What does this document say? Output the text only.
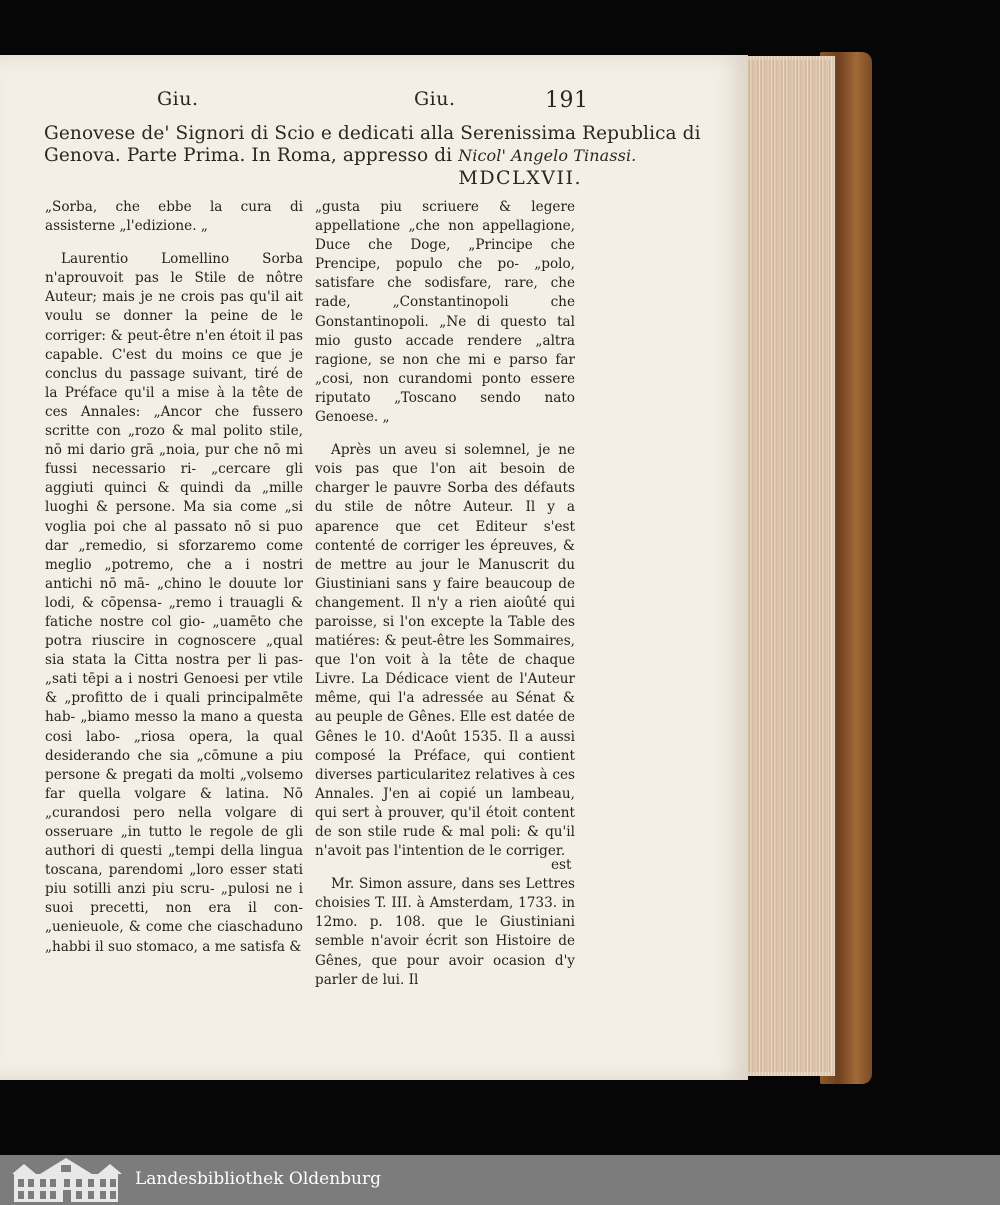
Giu.	Giu.	191
Genovese de' Signori di Scio e dedicati alla Serenissima Republica di
Genova. Parte Prima. In Roma, appresso di Nicol' Angelo Tinassi.
MDCLXVII.

„Sorba, che ebbe la cura di assisterne „l'edizione. „

Laurentio Lomellino Sorba n'aprouvoit pas le Stile de nôtre Auteur; mais je ne crois pas qu'il ait voulu se donner la peine de le corriger: & peut-être n'en étoit il pas capable. C'est du moins ce que je conclus du passage suivant, tiré de la Préface qu'il a mise à la tête de ces Annales: „Ancor che fussero scritte con „rozo & mal polito stile, nō mi dario grā „noia, pur che nō mi fussi necessario ri- „cercare gli aggiuti quinci & quindi da „mille luoghi & persone. Ma sia come „si voglia poi che al passato nō si puo dar „remedio, si sforzaremo come meglio „potremo, che a i nostri antichi nō mā- „chino le douute lor lodi, & cōpensa- „remo i trauagli & fatiche nostre col gio- „uamēto che potra riuscire in cognoscere „qual sia stata la Citta nostra per li pas- „sati tēpi a i nostri Genoesi per vtile & „profitto de i quali principalmēte hab- „biamo messo la mano a questa cosi labo- „riosa opera, la qual desiderando che sia „cōmune a piu persone & pregati da molti „volsemo far quella volgare & latina. Nō „curandosi pero nella volgare di osseruare „in tutto le regole de gli authori di questi „tempi della lingua toscana, parendomi „loro esser stati piu sotilli anzi piu scru- „pulosi ne i suoi precetti, non era il con- „uenieuole, & come che ciaschaduno „habbi il suo stomaco, a me satisfa &

„gusta piu scriuere & legere appellatione „che non appellagione, Duce che Doge, „Principe che Prencipe, populo che po- „polo, satisfare che sodisfare, rare, che rade, „Constantinopoli che Gonstantinopoli. „Ne di questo tal mio gusto accade rendere „altra ragione, se non che mi e parso far „cosi, non curandomi ponto essere riputato „Toscano sendo nato Genoese. „

Après un aveu si solemnel, je ne vois pas que l'on ait besoin de charger le pauvre Sorba des défauts du stile de nôtre Auteur. Il y a aparence que cet Editeur s'est contenté de corriger les épreuves, & de mettre au jour le Manuscrit du Giustiniani sans y faire beaucoup de changement. Il n'y a rien aioûté qui paroisse, si l'on excepte la Table des matiéres: & peut-être les Sommaires, que l'on voit à la tête de chaque Livre. La Dédicace vient de l'Auteur même, qui l'a adressée au Sénat & au peuple de Gênes. Elle est datée de Gênes le 10. d'Août 1535. Il a aussi composé la Préface, qui contient diverses particularitez relatives à ces Annales. J'en ai copié un lambeau, qui sert à prouver, qu'il étoit content de son stile rude & mal poli: & qu'il n'avoit pas l'intention de le corriger.

Mr. Simon assure, dans ses Lettres choisies T. III. à Amsterdam, 1733. in 12mo. p. 108. que le Giustiniani semble n'avoir écrit son Histoire de Gênes, que pour avoir ocasion d'y parler de lui. Il

est
Landesbibliothek Oldenburg
